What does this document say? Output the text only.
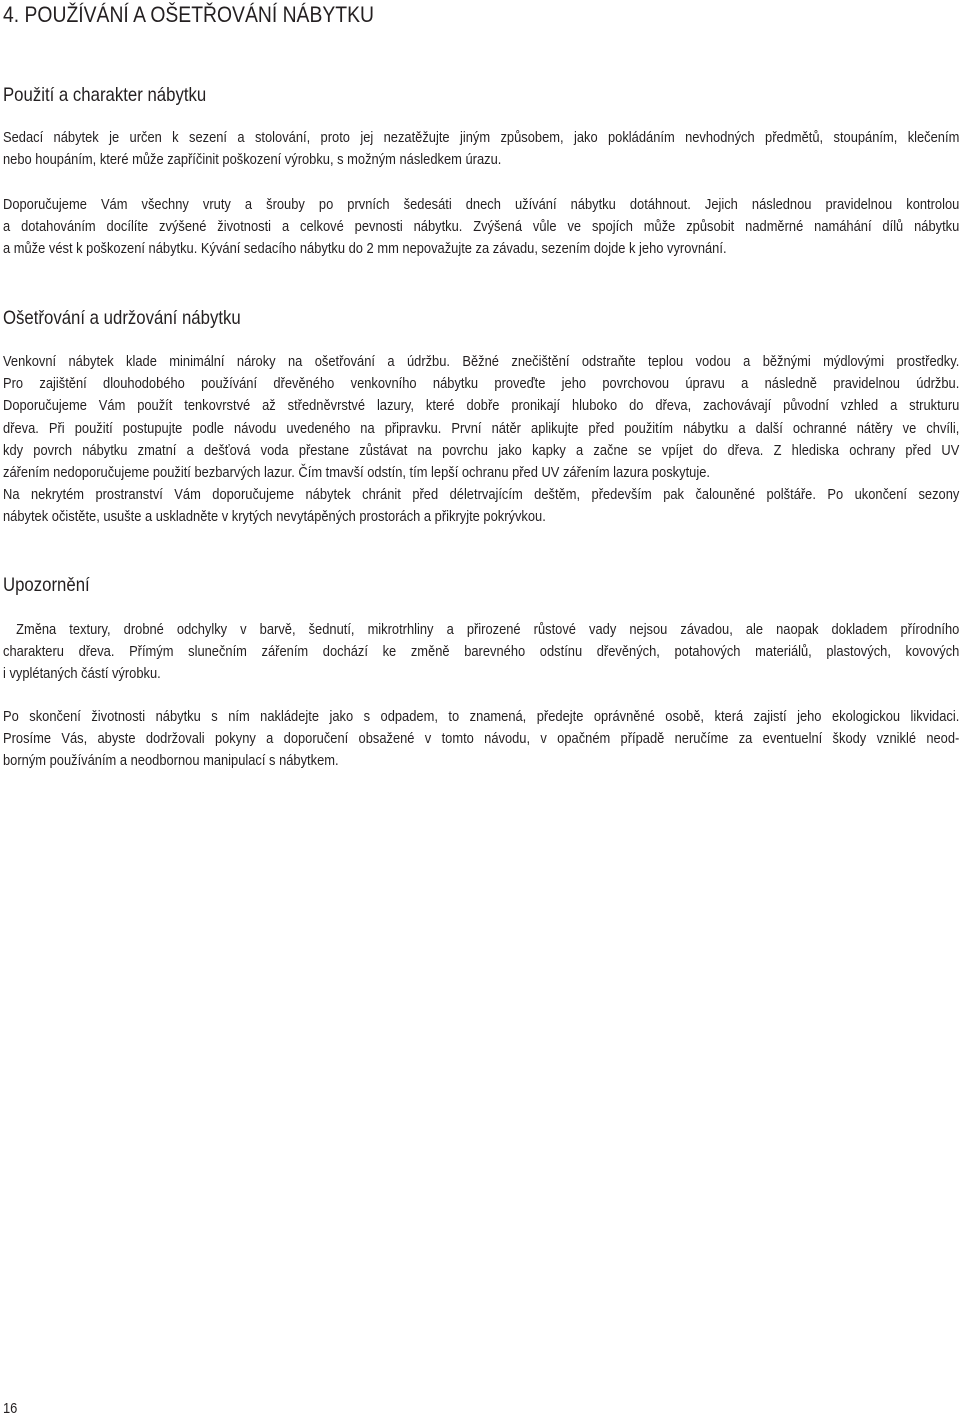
4. POUŽÍVÁNÍ A OŠETŘOVÁNÍ NÁBYTKU
Použití a charakter nábytku

Sedací nábytek je určen k sezení a stolování, proto jej nezatěžujte jiným způsobem, jako pokládáním nevhodných předmětů, stoupáním, klečením
nebo houpáním, které může zapříčinit poškození výrobku, s možným následkem úrazu.

Doporučujeme Vám všechny vruty a šrouby po prvních šedesáti dnech užívání nábytku dotáhnout. Jejich následnou pravidelnou kontrolou
a dotahováním docílíte zvýšené životnosti a celkové pevnosti nábytku. Zvýšená vůle ve spojích může způsobit nadměrné namáhání dílů nábytku
a může vést k poškození nábytku. Kývání sedacího nábytku do 2 mm nepovažujte za závadu, sezením dojde k jeho vyrovnání.

Ošetřování a udržování nábytku

Venkovní nábytek klade minimální nároky na ošetřování a údržbu. Běžné znečištění odstraňte teplou vodou a běžnými mýdlovými prostředky.
Pro zajištění dlouhodobého používání dřevěného venkovního nábytku proveďte jeho povrchovou úpravu a následně pravidelnou údržbu.
Doporučujeme Vám použít tenkovrstvé až středněvrstvé lazury, které dobře pronikají hluboko do dřeva, zachovávají původní vzhled a strukturu
dřeva. Při použití postupujte podle návodu uvedeného na připravku. První nátěr aplikujte před použitím nábytku a další ochranné nátěry ve chvíli,
kdy povrch nábytku zmatní a dešťová voda přestane zůstávat na povrchu jako kapky a začne se vpíjet do dřeva. Z hlediska ochrany před UV
zářením nedoporučujeme použití bezbarvých lazur. Čím tmavší odstín, tím lepší ochranu před UV zářením lazura poskytuje.
Na nekrytém prostranství Vám doporučujeme nábytek chránit před déletrvajícím deštěm, především pak čalouněné polštáře. Po ukončení sezony
nábytek očistěte, usušte a uskladněte v krytých nevytápěných prostorách a přikryjte pokrývkou.

Upozornění

Změna textury, drobné odchylky v barvě, šednutí, mikrotrhliny a přirozené růstové vady nejsou závadou, ale naopak dokladem přírodního
charakteru dřeva. Přímým slunečním zářením dochází ke změně barevného odstínu dřevěných, potahových materiálů, plastových, kovových
i vyplétaných částí výrobku.

Po skončení životnosti nábytku s ním nakládejte jako s odpadem, to znamená, předejte oprávněné osobě, která zajistí jeho ekologickou likvidaci.
Prosíme Vás, abyste dodržovali pokyny a doporučení obsažené v tomto návodu, v opačném případě neručíme za eventuelní škody vzniklé neod-
borným používáním a neodbornou manipulací s nábytkem.

16
